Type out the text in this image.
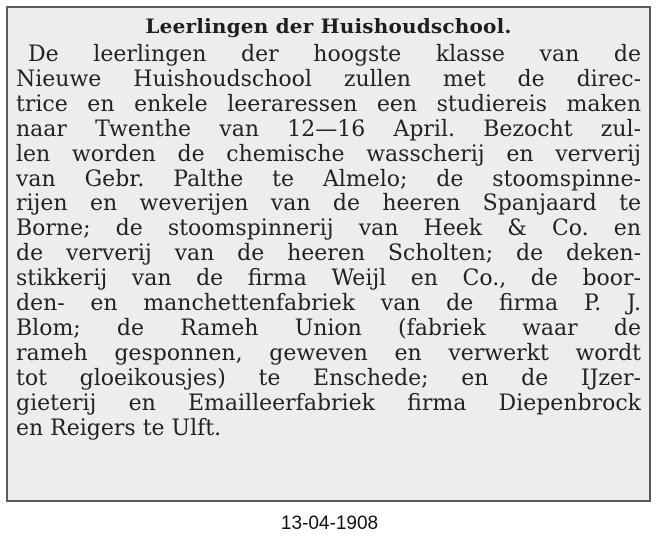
Leerlingen der Huishoudschool.
De leerlingen der hoogste klasse van de
Nieuwe Huishoudschool zullen met de direc-
trice en enkele leeraressen een studiereis maken
naar Twenthe van 12—16 April. Bezocht zul-
len worden de chemische wasscherij en ververij
van Gebr. Palthe te Almelo; de stoomspinne-
rijen en weverijen van de heeren Spanjaard te
Borne; de stoomspinnerij van Heek & Co. en
de ververij van de heeren Scholten; de deken-
stikkerij van de firma Weijl en Co., de boor-
den- en manchettenfabriek van de firma P. J.
Blom; de Rameh Union (fabriek waar de
rameh gesponnen, geweven en verwerkt wordt
tot gloeikousjes) te Enschede; en de IJzer-
gieterij en Emailleerfabriek firma Diepenbrock
en Reigers te Ulft.
13-04-1908
